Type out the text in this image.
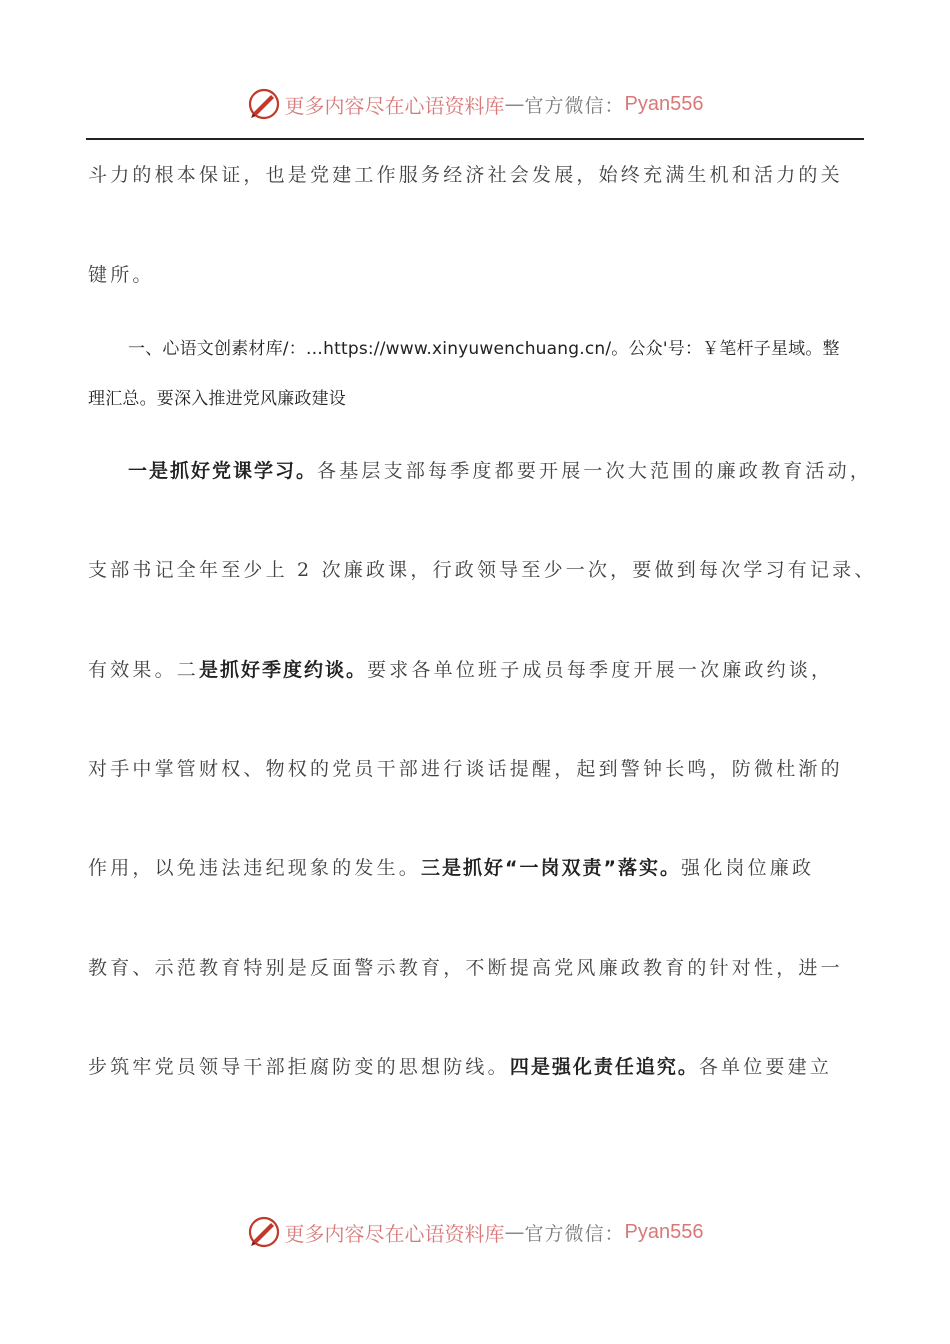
更多内容尽在心语资料库 — 官方微信： Pyan556
斗力的根本保证，也是党建工作服务经济社会发展，始终充满生机和活力的关
键所。
一、心语文创素材库/：…https://www.xinyuwenchuang.cn/。公众'号：￥笔杆子星域。整
理汇总。要深入推进党风廉政建设
一是抓好党课学习。各基层支部每季度都要开展一次大范围的廉政教育活动，
支部书记全年至少上 2 次廉政课，行政领导至少一次，要做到每次学习有记录、
有效果。二是抓好季度约谈。要求各单位班子成员每季度开展一次廉政约谈，
对手中掌管财权、物权的党员干部进行谈话提醒，起到警钟长鸣，防微杜渐的
作用，以免违法违纪现象的发生。三是抓好“一岗双责”落实。强化岗位廉政
教育、示范教育特别是反面警示教育，不断提高党风廉政教育的针对性，进一
步筑牢党员领导干部拒腐防变的思想防线。四是强化责任追究。各单位要建立
更多内容尽在心语资料库 — 官方微信： Pyan556
